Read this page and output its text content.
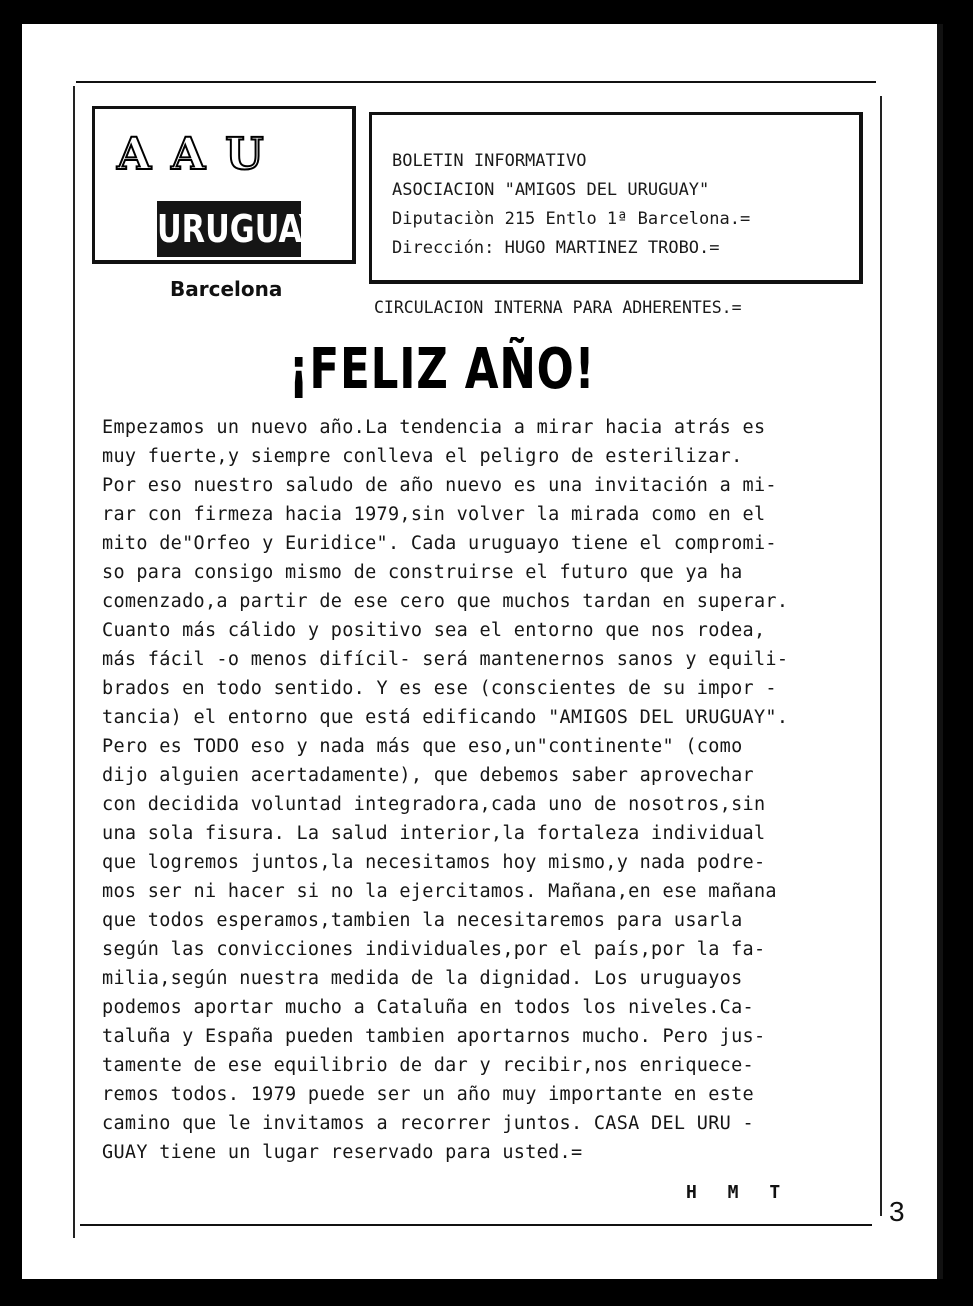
AAU
URUGUAY
Barcelona
BOLETIN INFORMATIVO
ASOCIACION "AMIGOS DEL URUGUAY"
Diputaciòn 215 Entlo 1ª Barcelona.=
Dirección: HUGO MARTINEZ TROBO.=
CIRCULACION INTERNA PARA ADHERENTES.=
¡FELIZ AÑO!
Empezamos un nuevo año.La tendencia a mirar hacia atrás es
muy fuerte,y siempre conlleva el peligro de esterilizar.
Por eso nuestro saludo de año nuevo es una invitación a mi-
rar con firmeza hacia 1979,sin volver la mirada como en el
mito de"Orfeo y Euridice". Cada uruguayo tiene el compromi-
so para consigo mismo de construirse el futuro que ya ha
comenzado,a partir de ese cero que muchos tardan en superar.
Cuanto más cálido y positivo sea el entorno que nos rodea,
más fácil -o menos difícil- será mantenernos sanos y equili-
brados en todo sentido. Y es ese (conscientes de su impor -
tancia) el entorno que está edificando "AMIGOS DEL URUGUAY".
Pero es TODO eso y nada más que eso,un"continente" (como
dijo alguien acertadamente), que debemos saber aprovechar
con decidida voluntad integradora,cada uno de nosotros,sin
una sola fisura. La salud interior,la fortaleza individual
que logremos juntos,la necesitamos hoy mismo,y nada podre-
mos ser ni hacer si no la ejercitamos. Mañana,en ese mañana
que todos esperamos,tambien la necesitaremos para usarla
según las convicciones individuales,por el país,por la fa-
milia,según nuestra medida de la dignidad. Los uruguayos
podemos aportar mucho a Cataluña en todos los niveles.Ca-
taluña y España pueden tambien aportarnos mucho. Pero jus-
tamente de ese equilibrio de dar y recibir,nos enriquece-
remos todos. 1979 puede ser un año muy importante en este
camino que le invitamos a recorrer juntos. CASA DEL URU -
GUAY tiene un lugar reservado para usted.=
H M T
3
